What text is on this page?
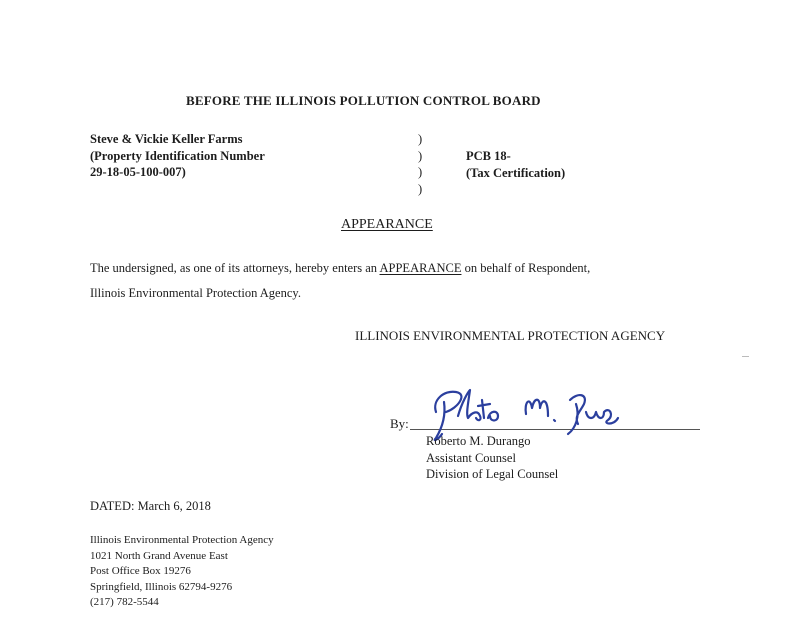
BEFORE THE ILLINOIS POLLUTION CONTROL BOARD
Steve & Vickie Keller Farms
(Property Identification Number
29-18-05-100-007)
)
)
)
)
PCB 18-
(Tax Certification)
APPEARANCE
The undersigned, as one of its attorneys, hereby enters an APPEARANCE on behalf of Respondent,
Illinois Environmental Protection Agency.
ILLINOIS ENVIRONMENTAL PROTECTION AGENCY
By:
Roberto M. Durango
Assistant Counsel
Division of Legal Counsel
DATED: March 6, 2018
Illinois Environmental Protection Agency
1021 North Grand Avenue East
Post Office Box 19276
Springfield, Illinois 62794-9276
(217) 782-5544
